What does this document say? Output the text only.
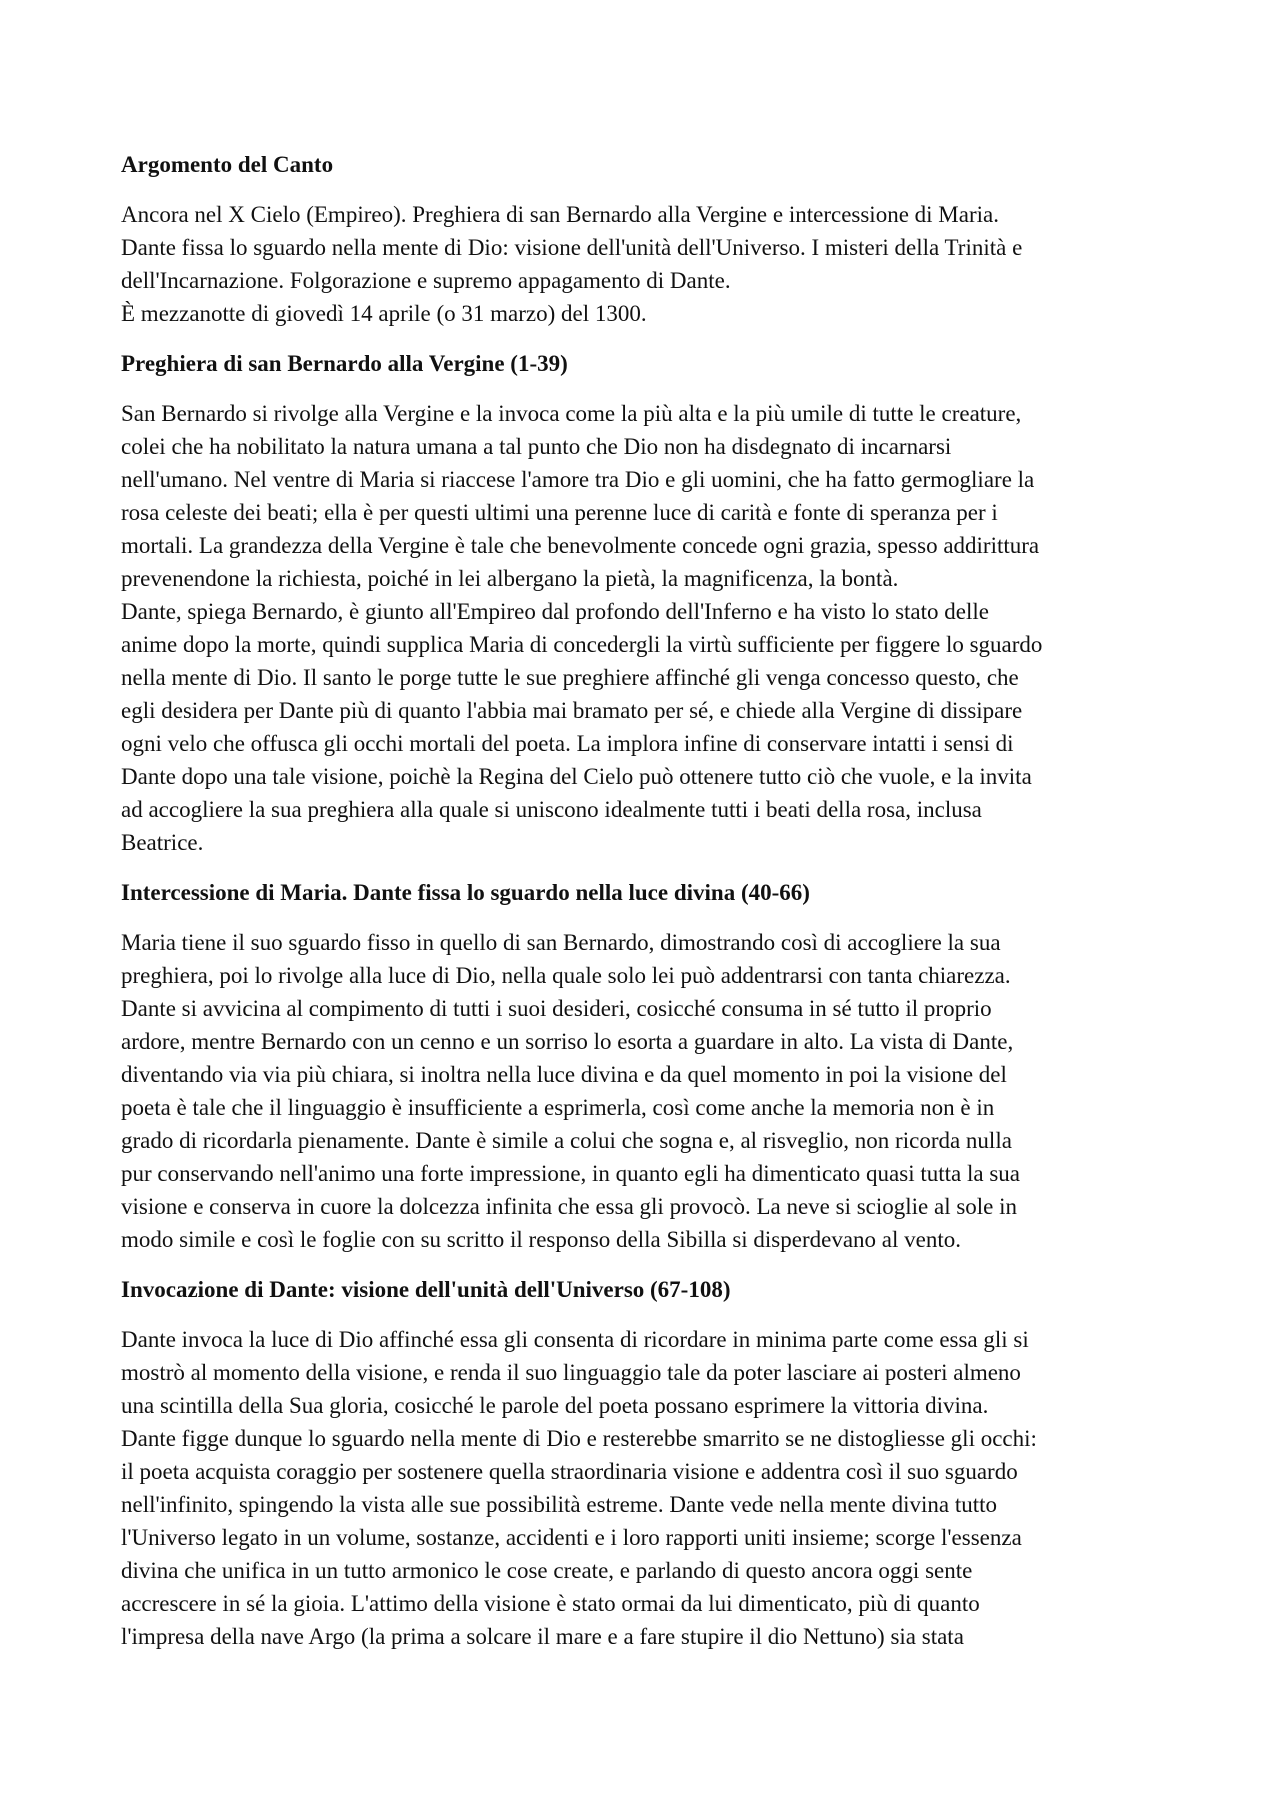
Argomento del Canto
Ancora nel X Cielo (Empireo). Preghiera di san Bernardo alla Vergine e intercessione di Maria.
Dante fissa lo sguardo nella mente di Dio: visione dell'unità dell'Universo. I misteri della Trinità e
dell'Incarnazione. Folgorazione e supremo appagamento di Dante.
È mezzanotte di giovedì 14 aprile (o 31 marzo) del 1300.
Preghiera di san Bernardo alla Vergine (1-39)
San Bernardo si rivolge alla Vergine e la invoca come la più alta e la più umile di tutte le creature,
colei che ha nobilitato la natura umana a tal punto che Dio non ha disdegnato di incarnarsi
nell'umano. Nel ventre di Maria si riaccese l'amore tra Dio e gli uomini, che ha fatto germogliare la
rosa celeste dei beati; ella è per questi ultimi una perenne luce di carità e fonte di speranza per i
mortali. La grandezza della Vergine è tale che benevolmente concede ogni grazia, spesso addirittura
prevenendone la richiesta, poiché in lei albergano la pietà, la magnificenza, la bontà.
Dante, spiega Bernardo, è giunto all'Empireo dal profondo dell'Inferno e ha visto lo stato delle
anime dopo la morte, quindi supplica Maria di concedergli la virtù sufficiente per figgere lo sguardo
nella mente di Dio. Il santo le porge tutte le sue preghiere affinché gli venga concesso questo, che
egli desidera per Dante più di quanto l'abbia mai bramato per sé, e chiede alla Vergine di dissipare
ogni velo che offusca gli occhi mortali del poeta. La implora infine di conservare intatti i sensi di
Dante dopo una tale visione, poichè la Regina del Cielo può ottenere tutto ciò che vuole, e la invita
ad accogliere la sua preghiera alla quale si uniscono idealmente tutti i beati della rosa, inclusa
Beatrice.
Intercessione di Maria. Dante fissa lo sguardo nella luce divina (40-66)
Maria tiene il suo sguardo fisso in quello di san Bernardo, dimostrando così di accogliere la sua
preghiera, poi lo rivolge alla luce di Dio, nella quale solo lei può addentrarsi con tanta chiarezza.
Dante si avvicina al compimento di tutti i suoi desideri, cosicché consuma in sé tutto il proprio
ardore, mentre Bernardo con un cenno e un sorriso lo esorta a guardare in alto. La vista di Dante,
diventando via via più chiara, si inoltra nella luce divina e da quel momento in poi la visione del
poeta è tale che il linguaggio è insufficiente a esprimerla, così come anche la memoria non è in
grado di ricordarla pienamente. Dante è simile a colui che sogna e, al risveglio, non ricorda nulla
pur conservando nell'animo una forte impressione, in quanto egli ha dimenticato quasi tutta la sua
visione e conserva in cuore la dolcezza infinita che essa gli provocò. La neve si scioglie al sole in
modo simile e così le foglie con su scritto il responso della Sibilla si disperdevano al vento.
Invocazione di Dante: visione dell'unità dell'Universo (67-108)
Dante invoca la luce di Dio affinché essa gli consenta di ricordare in minima parte come essa gli si
mostrò al momento della visione, e renda il suo linguaggio tale da poter lasciare ai posteri almeno
una scintilla della Sua gloria, cosicché le parole del poeta possano esprimere la vittoria divina.
Dante figge dunque lo sguardo nella mente di Dio e resterebbe smarrito se ne distogliesse gli occhi:
il poeta acquista coraggio per sostenere quella straordinaria visione e addentra così il suo sguardo
nell'infinito, spingendo la vista alle sue possibilità estreme. Dante vede nella mente divina tutto
l'Universo legato in un volume, sostanze, accidenti e i loro rapporti uniti insieme; scorge l'essenza
divina che unifica in un tutto armonico le cose create, e parlando di questo ancora oggi sente
accrescere in sé la gioia. L'attimo della visione è stato ormai da lui dimenticato, più di quanto
l'impresa della nave Argo (la prima a solcare il mare e a fare stupire il dio Nettuno) sia stata
